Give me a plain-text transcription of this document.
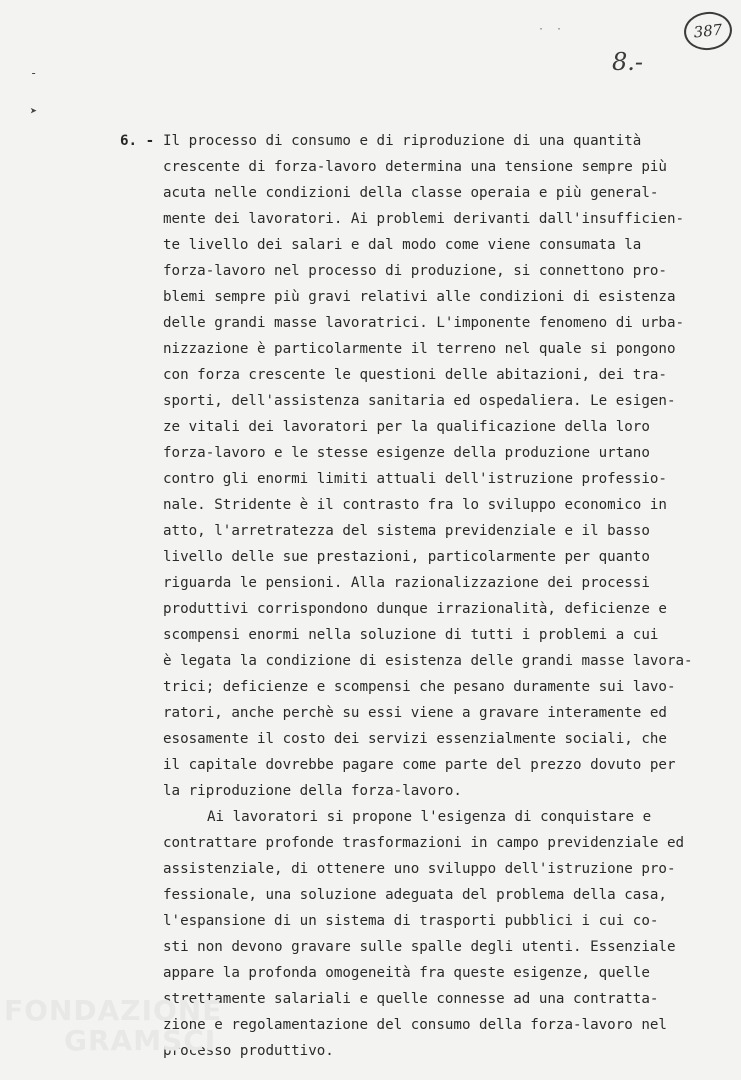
· ·	387
8.-
-
➤
6. - Il processo di consumo e di riproduzione di una quantità
crescente di forza-lavoro determina una tensione sempre più
acuta nelle condizioni della classe operaia e più general-
mente dei lavoratori. Ai problemi derivanti dall'insufficien-
te livello dei salari e dal modo come viene consumata la
forza-lavoro nel processo di produzione, si connettono pro-
blemi sempre più gravi relativi alle condizioni di esistenza
delle grandi masse lavoratrici. L'imponente fenomeno di urba-
nizzazione è particolarmente il terreno nel quale si pongono
con forza crescente le questioni delle abitazioni, dei tra-
sporti, dell'assistenza sanitaria ed ospedaliera. Le esigen-
ze vitali dei lavoratori per la qualificazione della loro
forza-lavoro e le stesse esigenze della produzione urtano
contro gli enormi limiti attuali dell'istruzione professio-
nale. Stridente è il contrasto fra lo sviluppo economico in
atto, l'arretratezza del sistema previdenziale e il basso
livello delle sue prestazioni, particolarmente per quanto
riguarda le pensioni. Alla razionalizzazione dei processi
produttivi corrispondono dunque irrazionalità, deficienze e
scompensi enormi nella soluzione di tutti i problemi a cui
è legata la condizione di esistenza delle grandi masse lavora-
trici; deficienze e scompensi che pesano duramente sui lavo-
ratori, anche perchè su essi viene a gravare interamente ed
esosamente il costo dei servizi essenzialmente sociali, che
il capitale dovrebbe pagare come parte del prezzo dovuto per
la riproduzione della forza-lavoro.
Ai lavoratori si propone l'esigenza di conquistare e
contrattare profonde trasformazioni in campo previdenziale ed
assistenziale, di ottenere uno sviluppo dell'istruzione pro-
fessionale, una soluzione adeguata del problema della casa,
l'espansione di un sistema di trasporti pubblici i cui co-
sti non devono gravare sulle spalle degli utenti. Essenziale
appare la profonda omogeneità fra queste esigenze, quelle
strettamente salariali e quelle connesse ad una contratta-
zione e regolamentazione del consumo della forza-lavoro nel
processo produttivo.
FONDAZIONE
GRAMSCI
